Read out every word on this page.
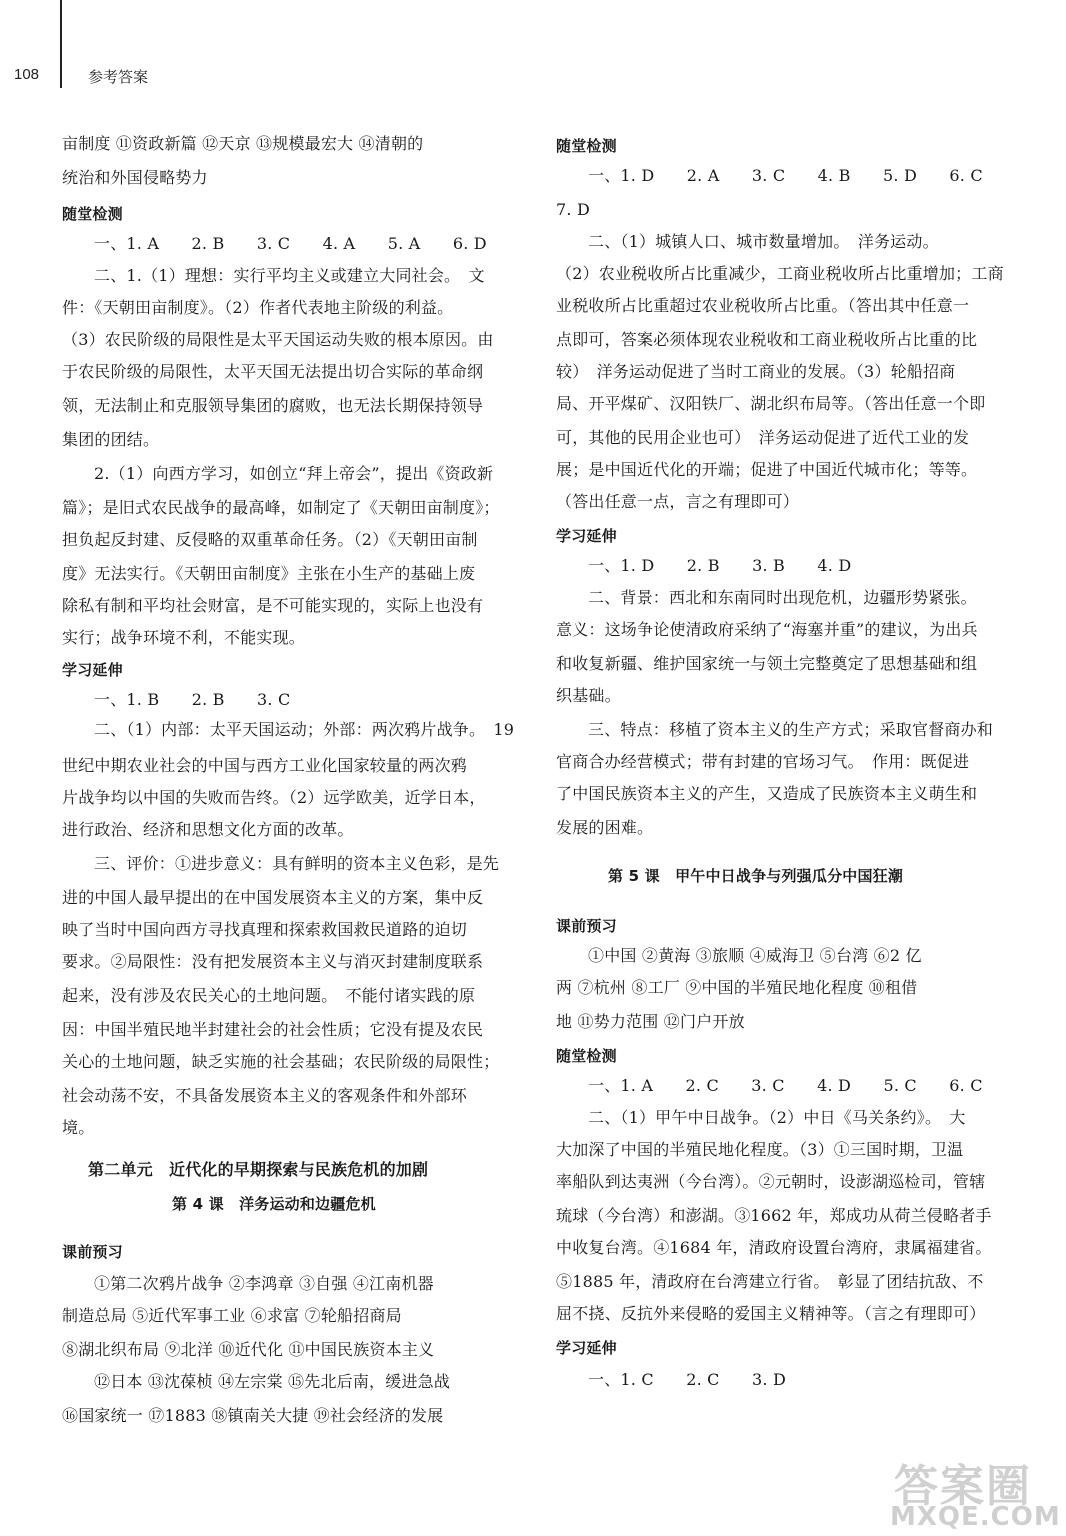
108	参考答案
亩制度 ⑪资政新篇 ⑫天京 ⑬规模最宏大 ⑭清朝的
统治和外国侵略势力
随堂检测
一、1. A　　2. B　　3. C　　4. A　　5. A　　6. D
二、1.（1）理想：实行平均主义或建立大同社会。　文
件：《天朝田亩制度》。（2）作者代表地主阶级的利益。
（3）农民阶级的局限性是太平天国运动失败的根本原因。由
于农民阶级的局限性，太平天国无法提出切合实际的革命纲
领，无法制止和克服领导集团的腐败，也无法长期保持领导
集团的团结。
2.（1）向西方学习，如创立“拜上帝会”，提出《资政新
篇》；是旧式农民战争的最高峰，如制定了《天朝田亩制度》；
担负起反封建、反侵略的双重革命任务。（2）《天朝田亩制
度》无法实行。《天朝田亩制度》主张在小生产的基础上废
除私有制和平均社会财富，是不可能实现的，实际上也没有
实行；战争环境不利，不能实现。
学习延伸
一、1. B　　2. B　　3. C
二、（1）内部：太平天国运动；外部：两次鸦片战争。　19
世纪中期农业社会的中国与西方工业化国家较量的两次鸦
片战争均以中国的失败而告终。（2）远学欧美，近学日本，
进行政治、经济和思想文化方面的改革。
三、评价：①进步意义：具有鲜明的资本主义色彩，是先
进的中国人最早提出的在中国发展资本主义的方案，集中反
映了当时中国向西方寻找真理和探索救国救民道路的迫切
要求。②局限性：没有把发展资本主义与消灭封建制度联系
起来，没有涉及农民关心的土地问题。　不能付诸实践的原
因：中国半殖民地半封建社会的社会性质；它没有提及农民
关心的土地问题，缺乏实施的社会基础；农民阶级的局限性；
社会动荡不安，不具备发展资本主义的客观条件和外部环
境。
第二单元　近代化的早期探索与民族危机的加剧
第 4 课　洋务运动和边疆危机
课前预习
①第二次鸦片战争 ②李鸿章 ③自强 ④江南机器
制造总局 ⑤近代军事工业 ⑥求富 ⑦轮船招商局
⑧湖北织布局 ⑨北洋 ⑩近代化 ⑪中国民族资本主义
⑫日本 ⑬沈葆桢 ⑭左宗棠 ⑮先北后南，缓进急战
⑯国家统一 ⑰1883 ⑱镇南关大捷 ⑲社会经济的发展
随堂检测
一、1. D　　2. A　　3. C　　4. B　　5. D　　6. C
7. D
二、（1）城镇人口、城市数量增加。　洋务运动。
（2）农业税收所占比重减少，工商业税收所占比重增加；工商
业税收所占比重超过农业税收所占比重。（答出其中任意一
点即可，答案必须体现农业税收和工商业税收所占比重的比
较）　洋务运动促进了当时工商业的发展。（3）轮船招商
局、开平煤矿、汉阳铁厂、湖北织布局等。（答出任意一个即
可，其他的民用企业也可）　洋务运动促进了近代工业的发
展；是中国近代化的开端；促进了中国近代城市化；等等。
（答出任意一点，言之有理即可）
学习延伸
一、1. D　　2. B　　3. B　　4. D
二、背景：西北和东南同时出现危机，边疆形势紧张。
意义：这场争论使清政府采纳了“海塞并重”的建议，为出兵
和收复新疆、维护国家统一与领土完整奠定了思想基础和组
织基础。
三、特点：移植了资本主义的生产方式；采取官督商办和
官商合办经营模式；带有封建的官场习气。　作用：既促进
了中国民族资本主义的产生，又造成了民族资本主义萌生和
发展的困难。
第 5 课　甲午中日战争与列强瓜分中国狂潮
课前预习
①中国 ②黄海 ③旅顺 ④威海卫 ⑤台湾 ⑥2 亿
两 ⑦杭州 ⑧工厂 ⑨中国的半殖民地化程度 ⑩租借
地 ⑪势力范围 ⑫门户开放
随堂检测
一、1. A　　2. C　　3. C　　4. D　　5. C　　6. C
二、（1）甲午中日战争。（2）中日《马关条约》。　大
大加深了中国的半殖民地化程度。（3）①三国时期，卫温
率船队到达夷洲（今台湾）。②元朝时，设澎湖巡检司，管辖
琉球（今台湾）和澎湖。③1662 年，郑成功从荷兰侵略者手
中收复台湾。④1684 年，清政府设置台湾府，隶属福建省。
⑤1885 年，清政府在台湾建立行省。　彰显了团结抗敌、不
屈不挠、反抗外来侵略的爱国主义精神等。（言之有理即可）
学习延伸
一、1. C　　2. C　　3. D
答案圈
MXQE.COM
